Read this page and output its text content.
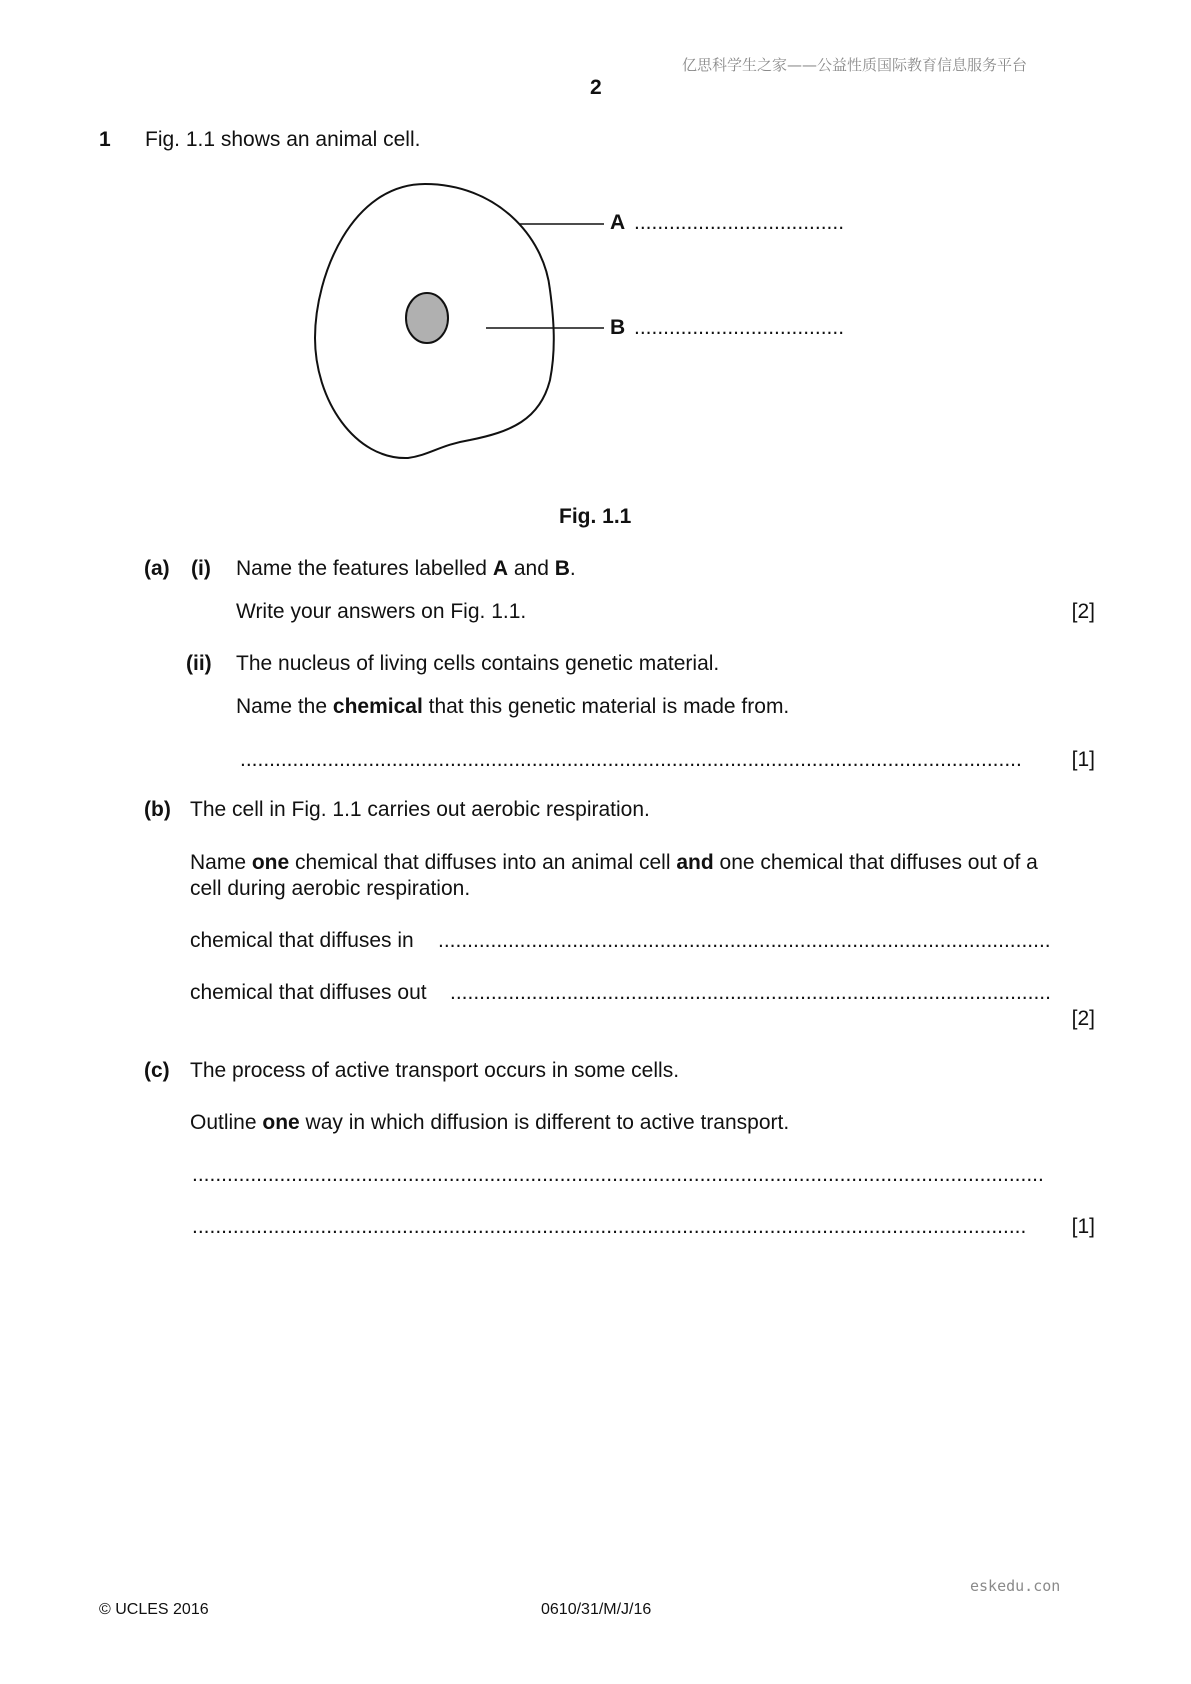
亿思科学生之家——公益性质国际教育信息服务平台
2
1 Fig. 1.1 shows an animal cell.
A ....................................
B ....................................
Fig. 1.1
(a) (i) Name the features labelled A and B.
Write your answers on Fig. 1.1.	[2]
(ii) The nucleus of living cells contains genetic material.
Name the chemical that this genetic material is made from.
......................................................................................................................................	[1]
(b) The cell in Fig. 1.1 carries out aerobic respiration.
Name one chemical that diffuses into an animal cell and one chemical that diffuses out of a
cell during aerobic respiration.
chemical that diffuses in .........................................................................................................
chemical that diffuses out .......................................................................................................
[2]
(c) The process of active transport occurs in some cells.
Outline one way in which diffusion is different to active transport.
..................................................................................................................................................
...............................................................................................................................................	[1]
eskedu.con
© UCLES 2016	0610/31/M/J/16
